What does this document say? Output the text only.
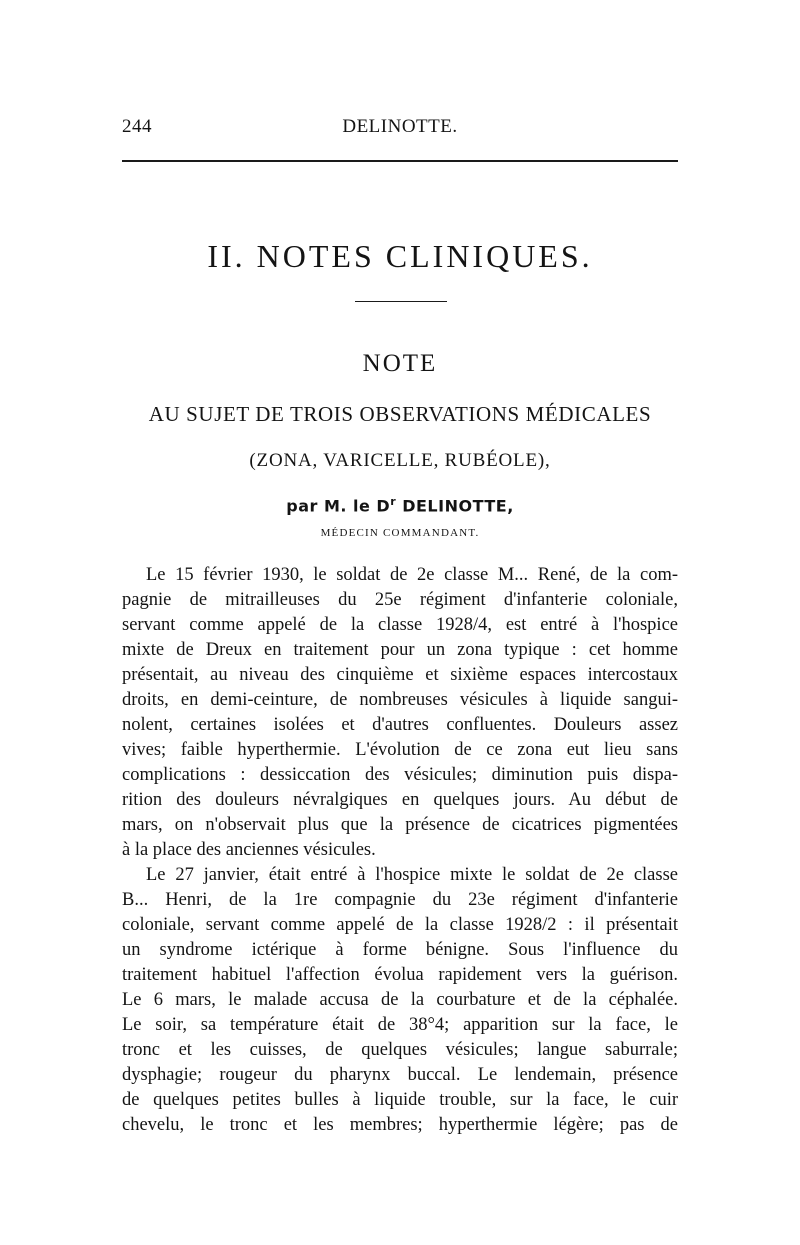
244	DELINOTTE.
II. NOTES CLINIQUES.
NOTE
AU SUJET DE TROIS OBSERVATIONS MÉDICALES
(ZONA, VARICELLE, RUBÉOLE),
par M. le $D^r$ DELINOTTE,
MÉDECIN COMMANDANT.
Le 15 février 1930, le soldat de 2e classe M... René, de la com-
pagnie de mitrailleuses du 25e régiment d'infanterie coloniale,
servant comme appelé de la classe 1928/4, est entré à l'hospice
mixte de Dreux en traitement pour un zona typique : cet homme
présentait, au niveau des cinquième et sixième espaces intercostaux
droits, en demi-ceinture, de nombreuses vésicules à liquide sangui-
nolent, certaines isolées et d'autres confluentes. Douleurs assez
vives; faible hyperthermie. L'évolution de ce zona eut lieu sans
complications : dessiccation des vésicules; diminution puis dispa-
rition des douleurs névralgiques en quelques jours. Au début de
mars, on n'observait plus que la présence de cicatrices pigmentées
à la place des anciennes vésicules.
Le 27 janvier, était entré à l'hospice mixte le soldat de 2e classe
B... Henri, de la 1re compagnie du 23e régiment d'infanterie
coloniale, servant comme appelé de la classe 1928/2 : il présentait
un syndrome ictérique à forme bénigne. Sous l'influence du
traitement habituel l'affection évolua rapidement vers la guérison.
Le 6 mars, le malade accusa de la courbature et de la céphalée.
Le soir, sa température était de 38°4; apparition sur la face, le
tronc et les cuisses, de quelques vésicules; langue saburrale;
dysphagie; rougeur du pharynx buccal. Le lendemain, présence
de quelques petites bulles à liquide trouble, sur la face, le cuir
chevelu, le tronc et les membres; hyperthermie légère; pas de
